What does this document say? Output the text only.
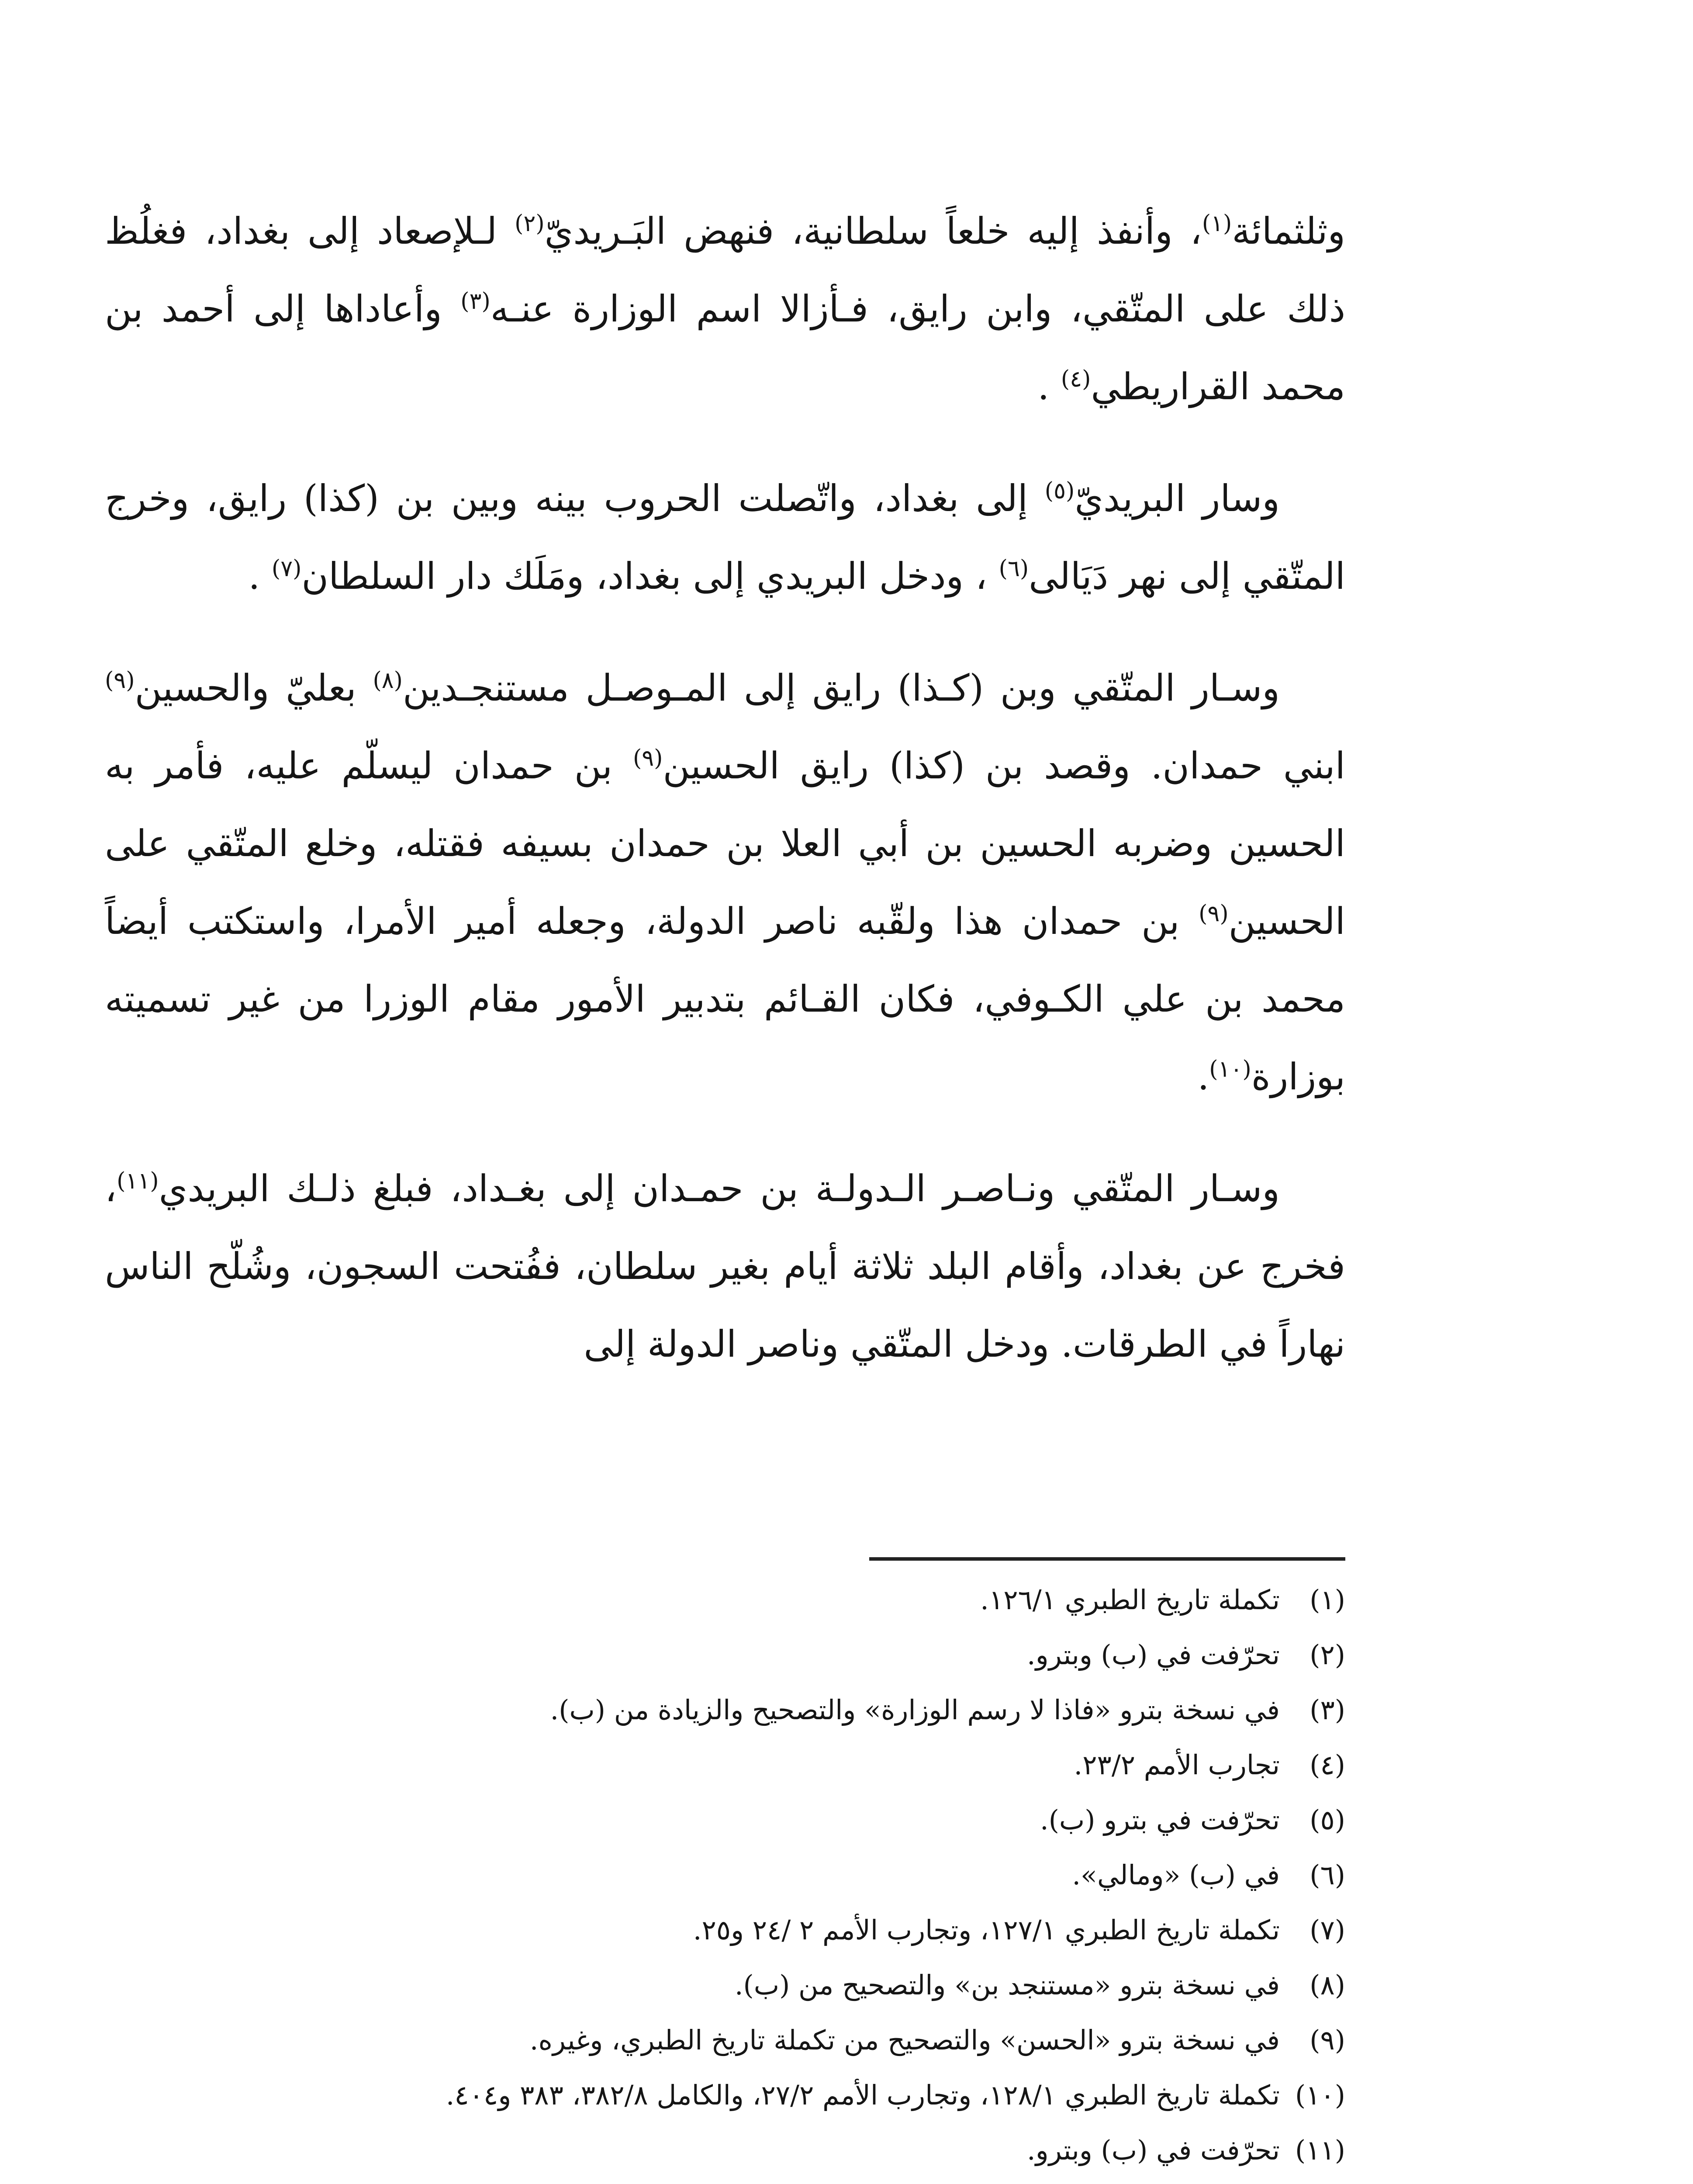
وثلثمائة$^{(١)}$، وأنفذ إليه خلعاً سلطانية، فنهض البَـريديّ$^{(٢)}$ لـلإصعاد إلى بغداد، فغلُظ ذلك على المتّقي، وابن رايق، فـأزالا اسم الوزارة عنـه$^{(٣)}$ وأعاداها إلى أحمد بن محمد القراريطي$^{(٤)}$ .

وسار البريديّ$^{(٥)}$ إلى بغداد، واتّصلت الحروب بينه وبين بن (كذا) رايق، وخرج المتّقي إلى نهر دَيَالى$^{(٦)}$ ، ودخل البريدي إلى بغداد، ومَلَك دار السلطان$^{(٧)}$ .

وسـار المتّقي وبن (كـذا) رايق إلى المـوصـل مستنجـدين$^{(٨)}$ بعليّ والحسين$^{(٩)}$ ابني حمدان. وقصد بن (كذا) رايق الحسين$^{(٩)}$ بن حمدان ليسلّم عليه، فأمر به الحسين وضربه الحسين بن أبي العلا بن حمدان بسيفه فقتله، وخلع المتّقي على الحسين$^{(٩)}$ بن حمدان هذا ولقّبه ناصر الدولة، وجعله أمير الأمرا، واستكتب أيضاً محمد بن علي الكـوفي، فكان القـائم بتدبير الأمور مقام الوزرا من غير تسميته بوزارة$^{(١٠)}$.

وسـار المتّقي ونـاصـر الـدولـة بن حمـدان إلى بغـداد، فبلغ ذلـك البريدي$^{(١١)}$، فخرج عن بغداد، وأقام البلد ثلاثة أيام بغير سلطان، ففُتحت السجون، وشُلّح الناس نهاراً في الطرقات. ودخل المتّقي وناصر الدولة إلى

(١)
تكملة تاريخ الطبري ١٢٦/١.
(٢)
تحرّفت في (ب) وبترو.
(٣)
في نسخة بترو «فاذا لا رسم الوزارة» والتصحيح والزيادة من (ب).
(٤)
تجارب الأمم ٢٣/٢.
(٥)
تحرّفت في بترو (ب).
(٦)
في (ب) «ومالي».
(٧)
تكملة تاريخ الطبري ١٢٧/١، وتجارب الأمم ٢ /٢٤ و٢٥.
(٨)
في نسخة بترو «مستنجد بن» والتصحيح من (ب).
(٩)
في نسخة بترو «الحسن» والتصحيح من تكملة تاريخ الطبري، وغيره.
(١٠)
تكملة تاريخ الطبري ١٢٨/١، وتجارب الأمم ٢٧/٢، والكامل ٣٨٢/٨، ٣٨٣ و٤٠٤.
(١١)
تحرّفت في (ب) وبترو.
